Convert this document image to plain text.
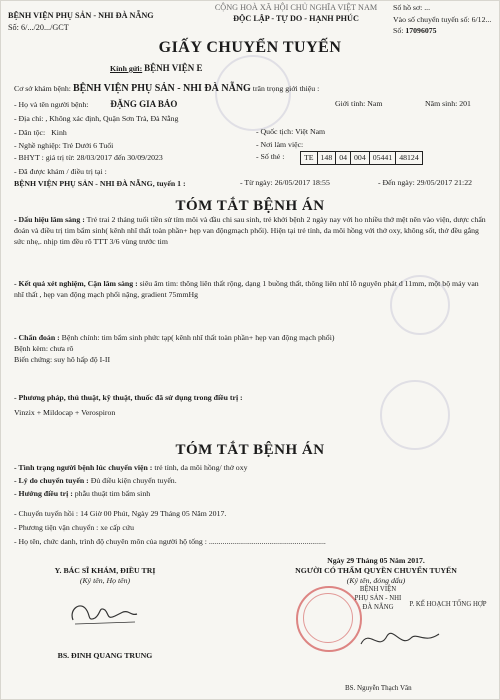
BỆNH VIỆN PHỤ SẢN - NHI ĐÀ NẴNG
Số: 6/.../20.../GCT
CỘNG HOÀ XÃ HỘI CHỦ NGHĨA VIỆT NAM
ĐỘC LẬP - TỰ DO - HẠNH PHÚC
Số hồ sơ: ...
Vào số chuyển tuyến số: 6/12...
Số: 17096075
GIẤY CHUYỂN TUYẾN
Kính gửi: BỆNH VIỆN E
Cơ sở khám bệnh: BỆNH VIỆN PHỤ SẢN - NHI ĐÀ NẴNG trân trọng giới thiệu :
- Họ và tên người bệnh: ĐẶNG GIA BẢO	Giới tính: Nam	Năm sinh: 201
- Địa chỉ: , Không xác định, Quận Sơn Trà, Đà Nẵng
- Dân tộc: Kinh	- Quốc tịch: Việt Nam
- Nghề nghiệp: Trẻ Dưới 6 Tuổi	- Nơi làm việc:
- BHYT : giá trị từ: 28/03/2017 đến 30/09/2023	- Số thẻ :	TE 148 04 004 05441 48124
- Đã được khám / điều trị tại :
BỆNH VIỆN PHỤ SẢN - NHI ĐÀ NẴNG, tuyến 1 :	- Từ ngày: 26/05/2017 18:55	- Đến ngày: 29/05/2017 21:22
TÓM TẮT BỆNH ÁN
- Dấu hiệu lâm sàng : Trẻ trai 2 tháng tuổi tiền sử tím môi và đầu chi sau sinh, trẻ khởi bệnh 2 ngày nay với ho nhiều thở mệt nên vào viện, dược chẩn đoán và điều trị tim bẩm sinh( kênh nhĩ thất toàn phần+ hẹp van độngmạch phổi). Hiện tại trẻ tỉnh, da môi hồng với thở oxy, không sốt, thở đều gắng sức nhẹ,. nhịp tim đều rõ TTT 3/6 vùng trước tim
- Kết quả xét nghiệm, Cận lâm sàng : siêu âm tim: thông liên thất rộng, dạng 1 buồng thất, thông liên nhĩ lỗ nguyên phát d 11mm, một bộ máy van nhĩ thất , hẹp van động mạch phổi nặng, gradient 75mmHg
- Chẩn đoán : Bệnh chính: tim bẩm sinh phức tạp( kênh nhĩ thất toàn phần+ hẹp van động mạch phổi)
Bệnh kèm: chưa rõ
Biến chứng: suy hô hấp độ I-II
- Phương pháp, thủ thuật, kỹ thuật, thuốc đã sử dụng trong điều trị :
Vinzix + Mildocap + Verospiron
TÓM TẮT BỆNH ÁN
- Tình trạng người bệnh lúc chuyển viện : trẻ tỉnh, da môi hồng/ thở oxy
- Lý do chuyển tuyến : Đủ điều kiện chuyển tuyến.
- Hướng điều trị : phẫu thuật tim bẩm sinh
- Chuyển tuyến hồi : 14 Giờ 00 Phút, Ngày 29 Tháng 05 Năm 2017.
- Phương tiện vận chuyển : xe cấp cứu
- Họ tên, chức danh, trình độ chuyên môn của người hộ tống : ............................................................
Y. BÁC SĨ KHÁM, ĐIỀU TRỊ
(Ký tên, Họ tên)
BS. ĐINH QUANG TRUNG
Ngày 29 Tháng 05 Năm 2017.
NGƯỜI CÓ THẨM QUYỀN CHUYỂN TUYẾN
(Ký tên, đóng dấu)
BỆNH VIỆN
PHỤ SẢN - NHI
ĐÀ NẴNG	P. KẾ HOẠCH TỔNG HỢP
BS. Nguyễn Thạch Vân
